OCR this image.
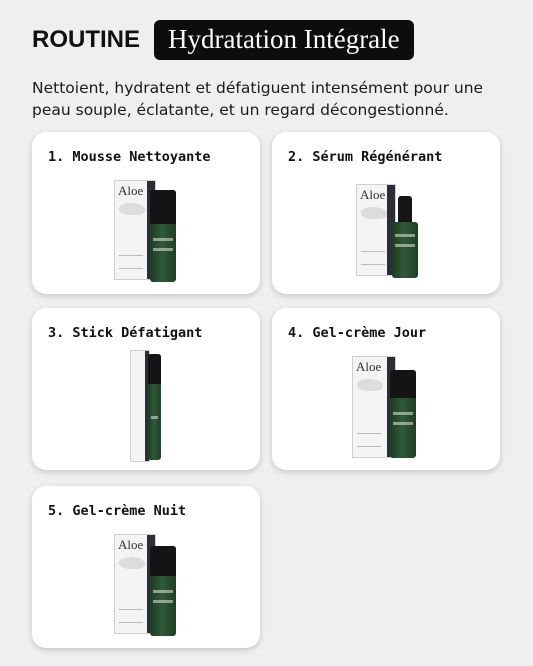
ROUTINE	Hydratation Intégrale

Nettoient, hydratent et défatiguent intensément pour une peau souple, éclatante, et un regard décongestionné.

1. Mousse Nettoyante
Aloe
2. Sérum Régénérant
Aloe
3. Stick Défatigant	4. Gel-crème Jour
Aloe
5. Gel-crème Nuit
Aloe
